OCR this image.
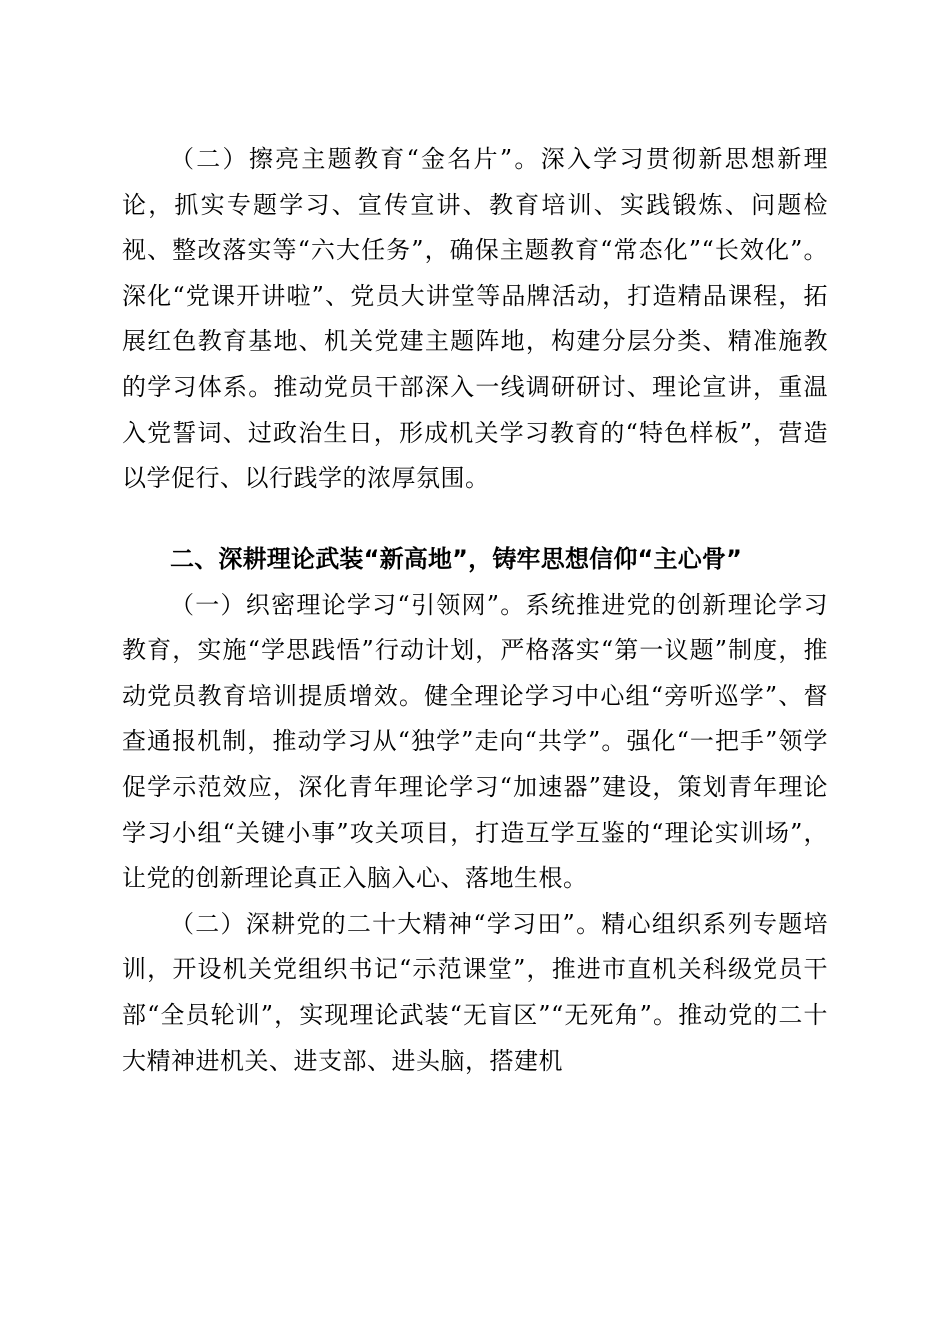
（二）擦亮主题教育“金名片”。深入学习贯彻新思想新理论，抓实专题学习、宣传宣讲、教育培训、实践锻炼、问题检视、整改落实等“六大任务”，确保主题教育“常态化”“长效化”。深化“党课开讲啦”、党员大讲堂等品牌活动，打造精品课程，拓展红色教育基地、机关党建主题阵地，构建分层分类、精准施教的学习体系。推动党员干部深入一线调研研讨、理论宣讲，重温入党誓词、过政治生日，形成机关学习教育的“特色样板”，营造以学促行、以行践学的浓厚氛围。

二、深耕理论武装“新高地”，铸牢思想信仰“主心骨”

（一）织密理论学习“引领网”。系统推进党的创新理论学习教育，实施“学思践悟”行动计划，严格落实“第一议题”制度，推动党员教育培训提质增效。健全理论学习中心组“旁听巡学”、督查通报机制，推动学习从“独学”走向“共学”。强化“一把手”领学促学示范效应，深化青年理论学习“加速器”建设，策划青年理论学习小组“关键小事”攻关项目，打造互学互鉴的“理论实训场”，让党的创新理论真正入脑入心、落地生根。

（二）深耕党的二十大精神“学习田”。精心组织系列专题培训，开设机关党组织书记“示范课堂”，推进市直机关科级党员干部“全员轮训”，实现理论武装“无盲区”“无死角”。推动党的二十大精神进机关、进支部、进头脑，搭建机
